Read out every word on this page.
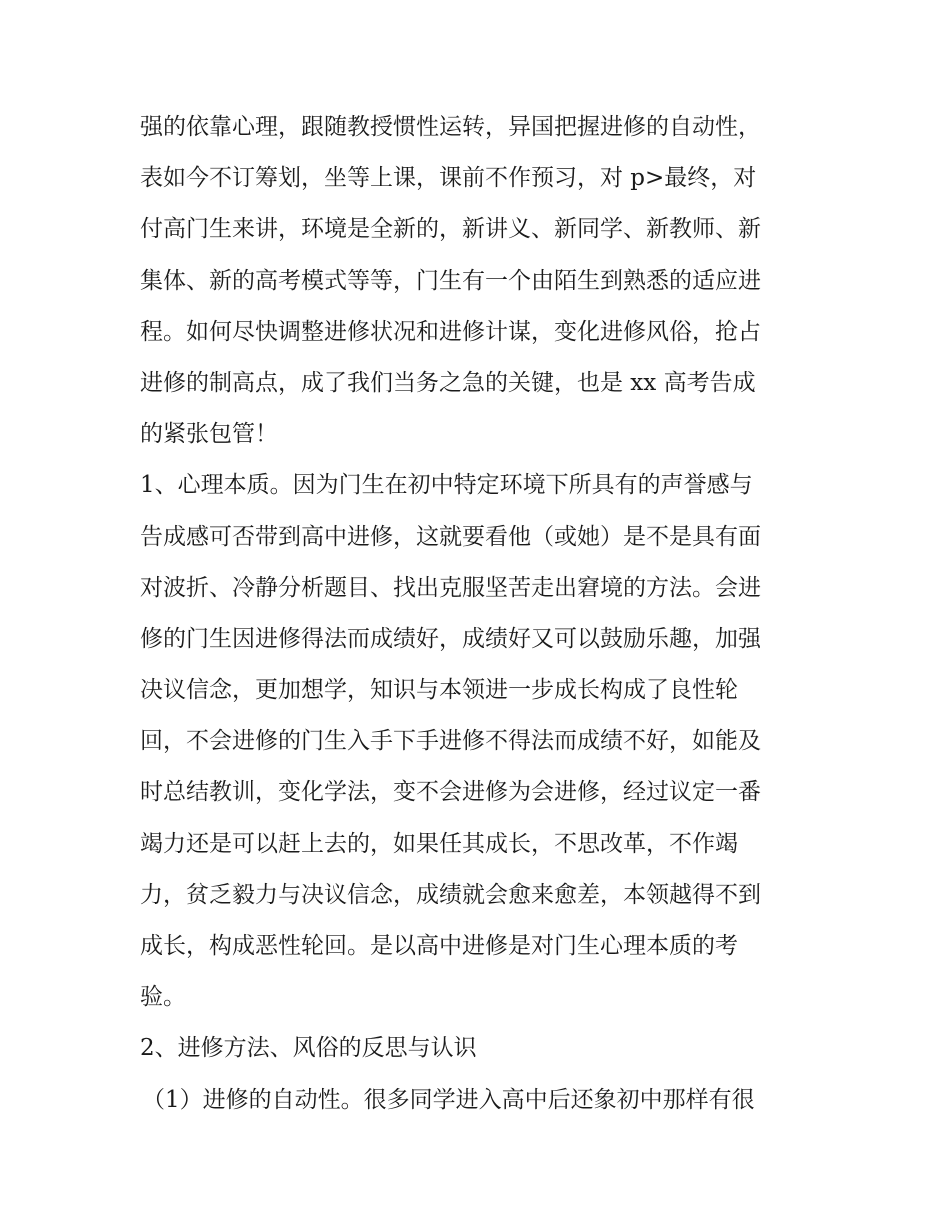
强的依靠心理，跟随教授惯性运转，异国把握进修的自动性，
表如今不订筹划，坐等上课，课前不作预习，对 p>最终，对
付高门生来讲，环境是全新的，新讲义、新同学、新教师、新
集体、新的高考模式等等，门生有一个由陌生到熟悉的适应进
程。如何尽快调整进修状况和进修计谋，变化进修风俗，抢占
进修的制高点，成了我们当务之急的关键，也是 xx 高考告成
的紧张包管！
1、心理本质。因为门生在初中特定环境下所具有的声誉感与
告成感可否带到高中进修，这就要看他（或她）是不是具有面
对波折、冷静分析题目、找出克服坚苦走出窘境的方法。会进
修的门生因进修得法而成绩好，成绩好又可以鼓励乐趣，加强
决议信念，更加想学，知识与本领进一步成长构成了良性轮
回，不会进修的门生入手下手进修不得法而成绩不好，如能及
时总结教训，变化学法，变不会进修为会进修，经过议定一番
竭力还是可以赶上去的，如果任其成长，不思改革，不作竭
力，贫乏毅力与决议信念，成绩就会愈来愈差，本领越得不到
成长，构成恶性轮回。是以高中进修是对门生心理本质的考
验。
2、进修方法、风俗的反思与认识
（1）进修的自动性。很多同学进入高中后还象初中那样有很
